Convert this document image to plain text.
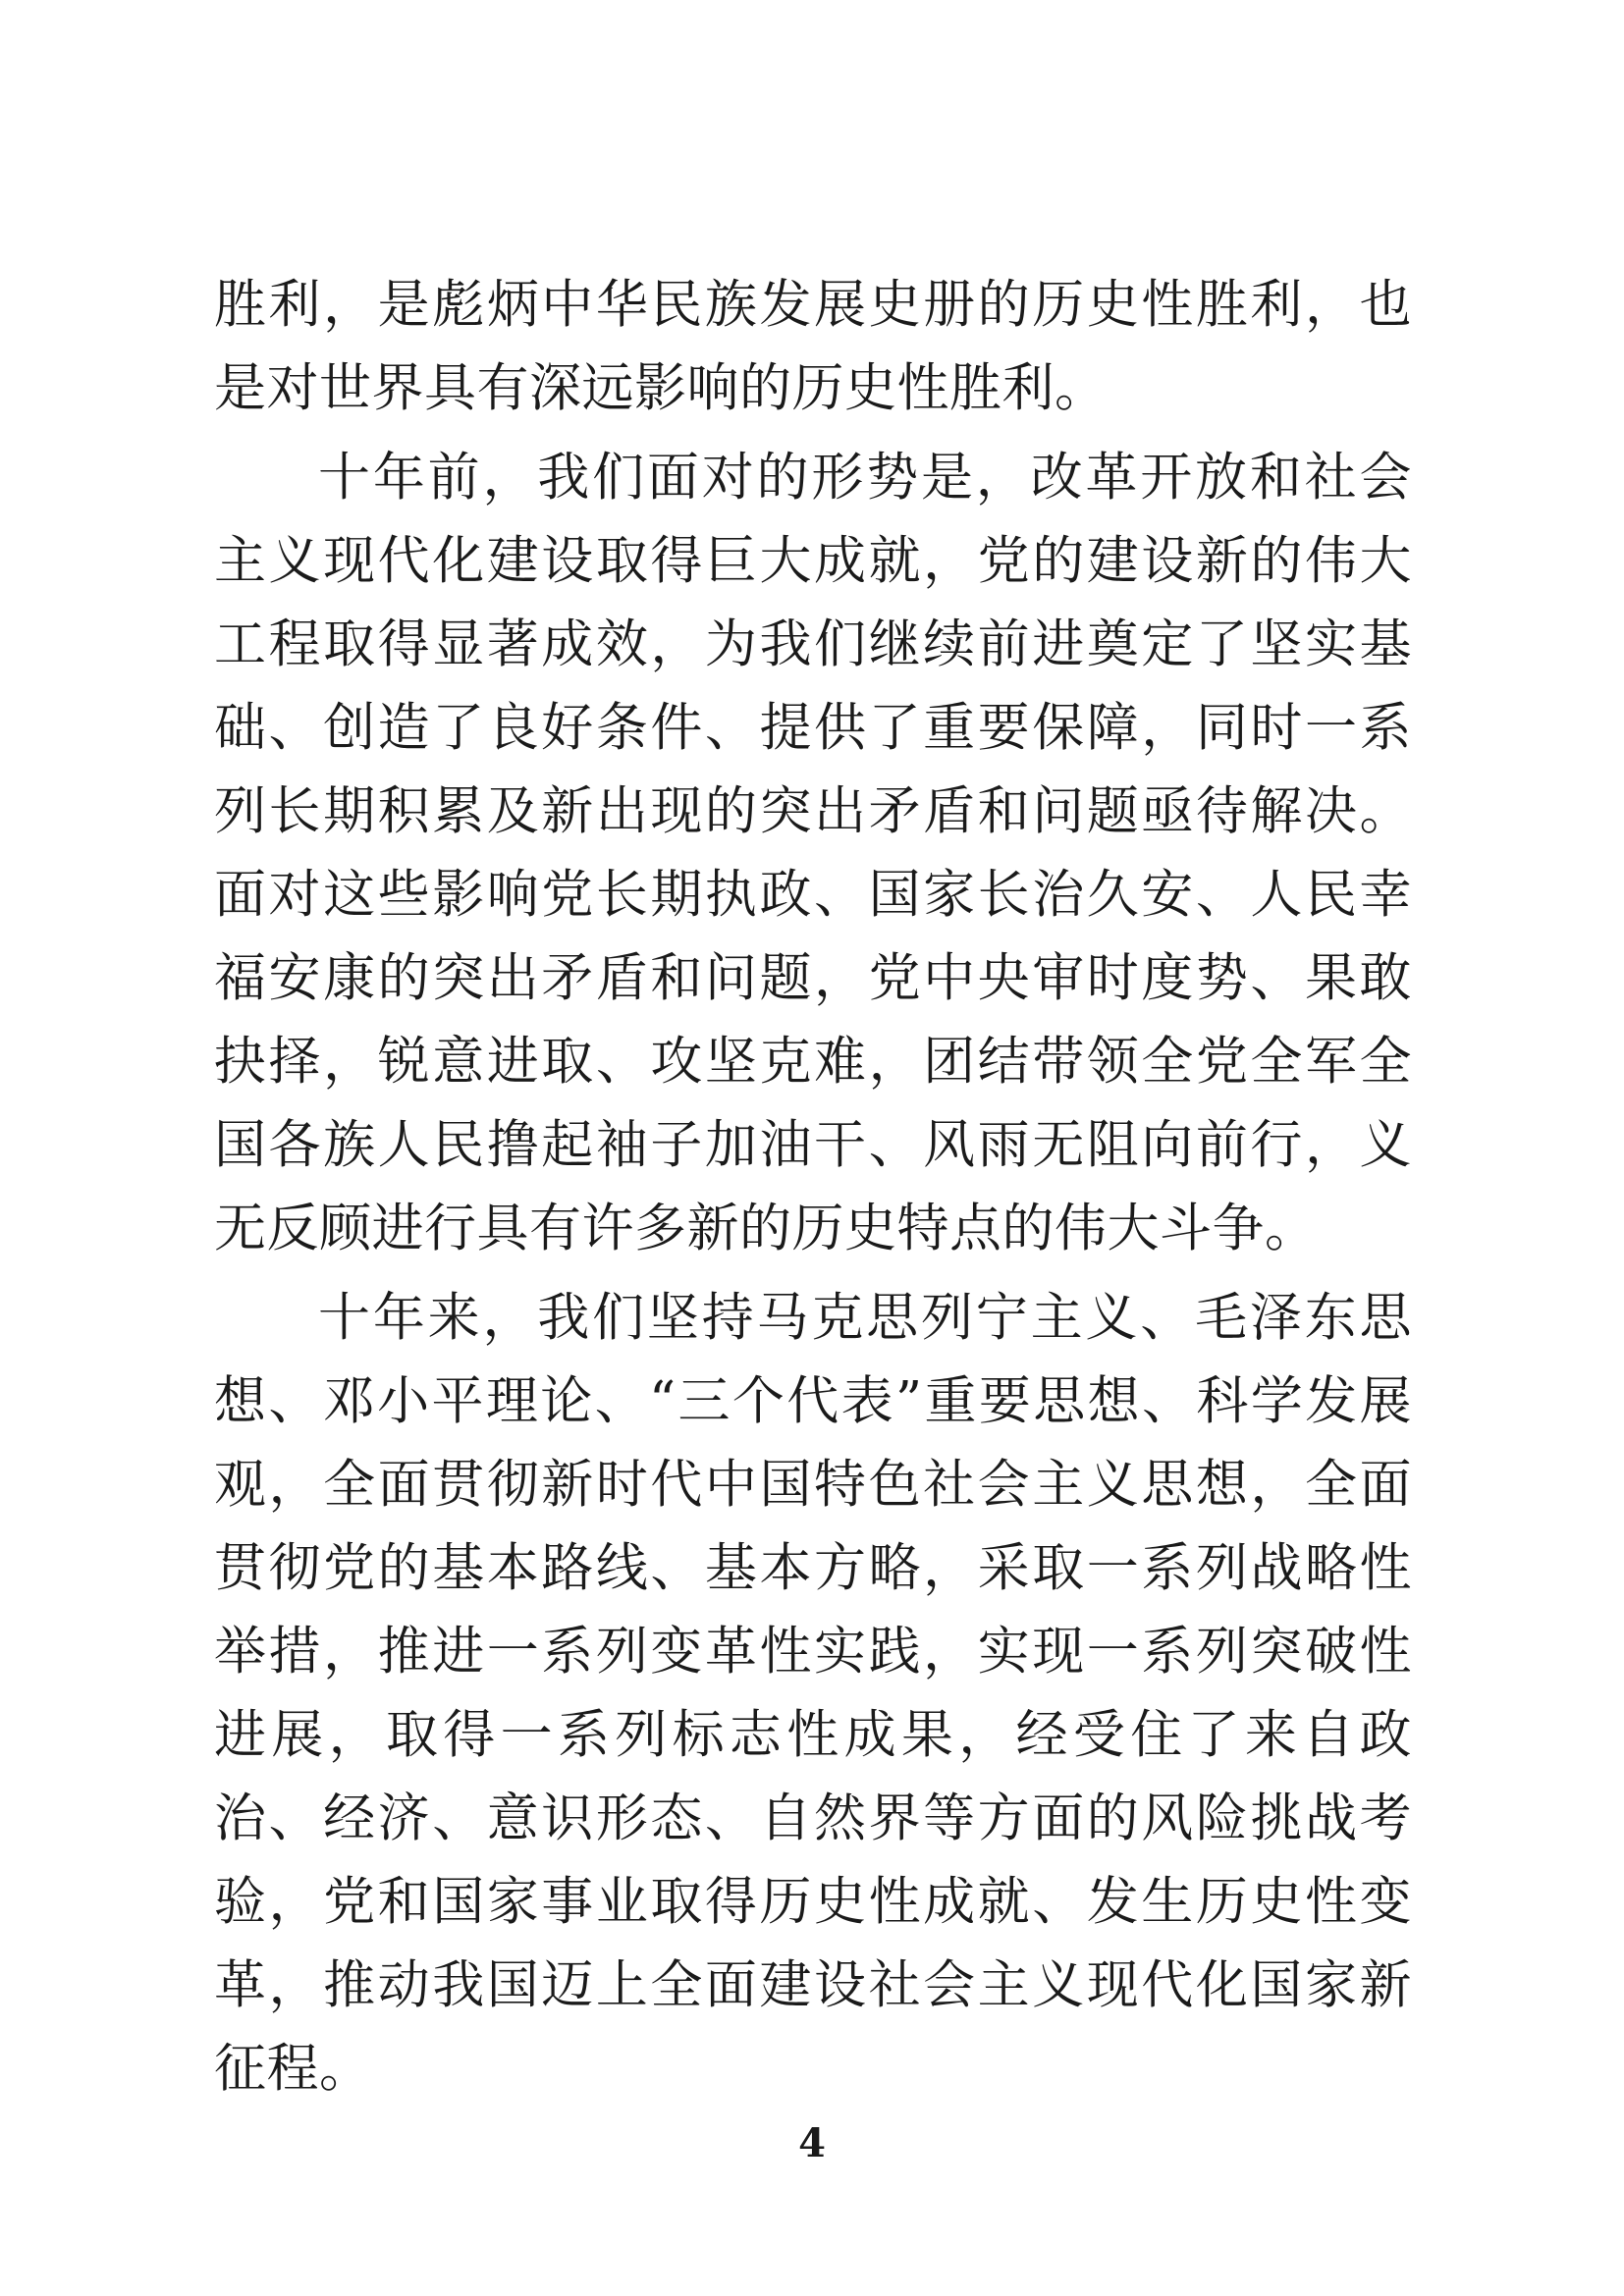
胜利，是彪炳中华民族发展史册的历史性胜利，也是对世界具有深远影响的历史性胜利。

十年前，我们面对的形势是，改革开放和社会主义现代化建设取得巨大成就，党的建设新的伟大工程取得显著成效，为我们继续前进奠定了坚实基础、创造了良好条件、提供了重要保障，同时一系列长期积累及新出现的突出矛盾和问题亟待解决。面对这些影响党长期执政、国家长治久安、人民幸福安康的突出矛盾和问题，党中央审时度势、果敢抉择，锐意进取、攻坚克难，团结带领全党全军全国各族人民撸起袖子加油干、风雨无阻向前行，义无反顾进行具有许多新的历史特点的伟大斗争。

十年来，我们坚持马克思列宁主义、毛泽东思想、邓小平理论、“三个代表”重要思想、科学发展观，全面贯彻新时代中国特色社会主义思想，全面贯彻党的基本路线、基本方略，采取一系列战略性举措，推进一系列变革性实践，实现一系列突破性进展，取得一系列标志性成果，经受住了来自政治、经济、意识形态、自然界等方面的风险挑战考验，党和国家事业取得历史性成就、发生历史性变革，推动我国迈上全面建设社会主义现代化国家新征程。

4
